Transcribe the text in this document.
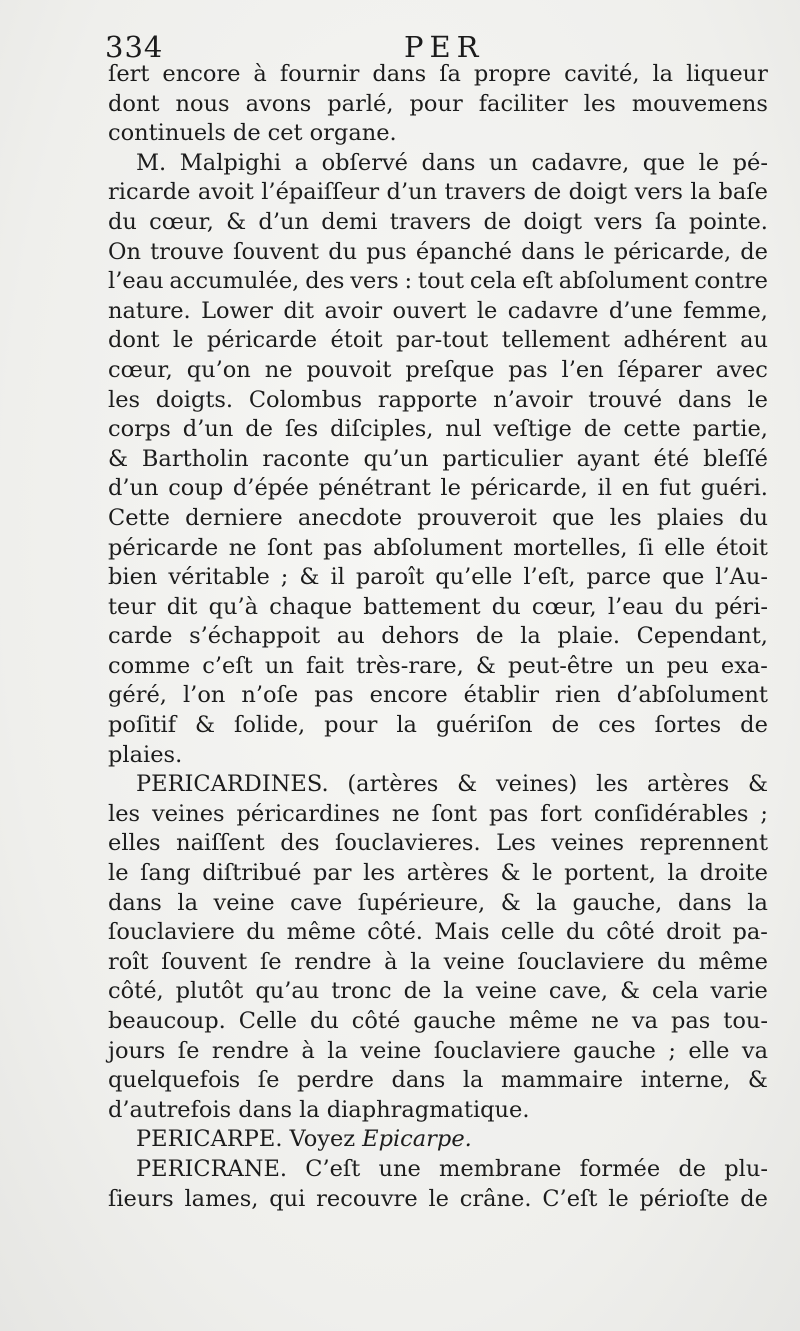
334	PER
ſert encore à fournir dans ſa propre cavité, la liqueur
dont nous avons parlé, pour faciliter les mouvemens
continuels de cet organe.
M. Malpighi a obſervé dans un cadavre, que le pé-
ricarde avoit l’épaiſſeur d’un travers de doigt vers la baſe
du cœur, & d’un demi travers de doigt vers ſa pointe.
On trouve ſouvent du pus épanché dans le péricarde, de
l’eau accumulée, des vers : tout cela eſt abſolument contre
nature. Lower dit avoir ouvert le cadavre d’une femme,
dont le péricarde étoit par-tout tellement adhérent au
cœur, qu’on ne pouvoit preſque pas l’en ſéparer avec
les doigts. Colombus rapporte n’avoir trouvé dans le
corps d’un de ſes diſciples, nul veſtige de cette partie,
& Bartholin raconte qu’un particulier ayant été bleſſé
d’un coup d’épée pénétrant le péricarde, il en fut guéri.
Cette derniere anecdote prouveroit que les plaies du
péricarde ne ſont pas abſolument mortelles, ſi elle étoit
bien véritable ; & il paroît qu’elle l’eſt, parce que l’Au-
teur dit qu’à chaque battement du cœur, l’eau du péri-
carde s’échappoit au dehors de la plaie. Cependant,
comme c’eſt un fait très-rare, & peut-être un peu exa-
géré, l’on n’oſe pas encore établir rien d’abſolument
poſitif & ſolide, pour la guériſon de ces ſortes de
plaies.
PERICARDINES. (artères & veines) les artères &
les veines péricardines ne ſont pas fort conſidérables ;
elles naiſſent des ſouclavieres. Les veines reprennent
le ſang diſtribué par les artères & le portent, la droite
dans la veine cave ſupérieure, & la gauche, dans la
ſouclaviere du même côté. Mais celle du côté droit pa-
roît ſouvent ſe rendre à la veine ſouclaviere du même
côté, plutôt qu’au tronc de la veine cave, & cela varie
beaucoup. Celle du côté gauche même ne va pas tou-
jours ſe rendre à la veine ſouclaviere gauche ; elle va
quelquefois ſe perdre dans la mammaire interne, &
d’autrefois dans la diaphragmatique.
PERICARPE. Voyez Epicarpe.
PERICRANE. C’eſt une membrane formée de plu-
ſieurs lames, qui recouvre le crâne. C’eſt le périoſte de
